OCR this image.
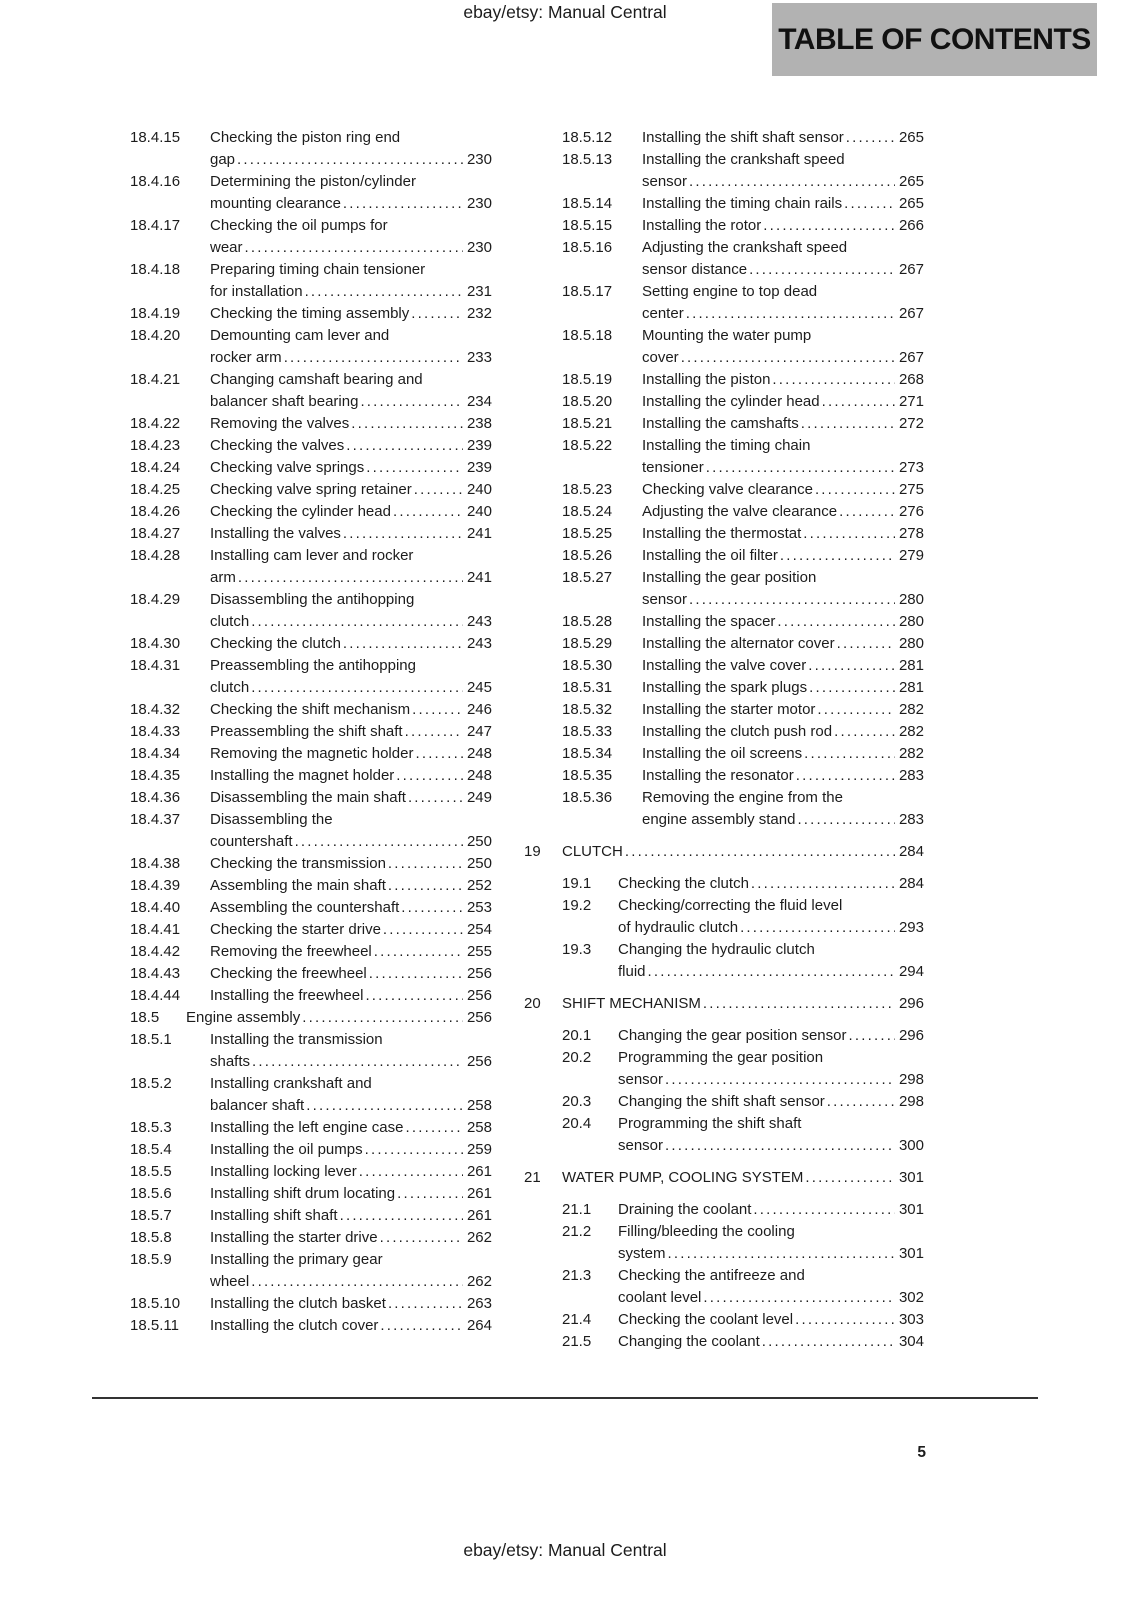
ebay/etsy: Manual Central
TABLE OF CONTENTS
18.4.15	Checking the piston ring end
gap .....	230
18.4.16	Determining the piston/cylinder
mounting clearance .....	230
18.4.17	Checking the oil pumps for
wear .....	230
18.4.18	Preparing timing chain tensioner
for installation .....	231
18.4.19	Checking the timing assembly .....	232
18.4.20	Demounting cam lever and
rocker arm .....	233
18.4.21	Changing camshaft bearing and
balancer shaft bearing .....	234
18.4.22	Removing the valves .....	238
18.4.23	Checking the valves .....	239
18.4.24	Checking valve springs .....	239
18.4.25	Checking valve spring retainer .....	240
18.4.26	Checking the cylinder head .....	240
18.4.27	Installing the valves .....	241
18.4.28	Installing cam lever and rocker
arm .....	241
18.4.29	Disassembling the antihopping
clutch .....	243
18.4.30	Checking the clutch .....	243
18.4.31	Preassembling the antihopping
clutch .....	245
18.4.32	Checking the shift mechanism .....	246
18.4.33	Preassembling the shift shaft .....	247
18.4.34	Removing the magnetic holder .....	248
18.4.35	Installing the magnet holder .....	248
18.4.36	Disassembling the main shaft .....	249
18.4.37	Disassembling the
countershaft .....	250
18.4.38	Checking the transmission .....	250
18.4.39	Assembling the main shaft .....	252
18.4.40	Assembling the countershaft .....	253
18.4.41	Checking the starter drive .....	254
18.4.42	Removing the freewheel .....	255
18.4.43	Checking the freewheel .....	256
18.4.44	Installing the freewheel .....	256
18.5	Engine assembly .....	256
18.5.1	Installing the transmission
shafts .....	256
18.5.2	Installing crankshaft and
balancer shaft .....	258
18.5.3	Installing the left engine case .....	258
18.5.4	Installing the oil pumps .....	259
18.5.5	Installing locking lever .....	261
18.5.6	Installing shift drum locating .....	261
18.5.7	Installing shift shaft .....	261
18.5.8	Installing the starter drive .....	262
18.5.9	Installing the primary gear
wheel .....	262
18.5.10	Installing the clutch basket .....	263
18.5.11	Installing the clutch cover .....	264
18.5.12	Installing the shift shaft sensor .....	265
18.5.13	Installing the crankshaft speed
sensor .....	265
18.5.14	Installing the timing chain rails .....	265
18.5.15	Installing the rotor .....	266
18.5.16	Adjusting the crankshaft speed
sensor distance .....	267
18.5.17	Setting engine to top dead
center .....	267
18.5.18	Mounting the water pump
cover .....	267
18.5.19	Installing the piston .....	268
18.5.20	Installing the cylinder head .....	271
18.5.21	Installing the camshafts .....	272
18.5.22	Installing the timing chain
tensioner .....	273
18.5.23	Checking valve clearance .....	275
18.5.24	Adjusting the valve clearance .....	276
18.5.25	Installing the thermostat .....	278
18.5.26	Installing the oil filter .....	279
18.5.27	Installing the gear position
sensor .....	280
18.5.28	Installing the spacer .....	280
18.5.29	Installing the alternator cover .....	280
18.5.30	Installing the valve cover .....	281
18.5.31	Installing the spark plugs .....	281
18.5.32	Installing the starter motor .....	282
18.5.33	Installing the clutch push rod .....	282
18.5.34	Installing the oil screens .....	282
18.5.35	Installing the resonator .....	283
18.5.36	Removing the engine from the
engine assembly stand .....	283
19	CLUTCH .....	284
19.1	Checking the clutch .....	284
19.2	Checking/correcting the fluid level
of hydraulic clutch .....	293
19.3	Changing the hydraulic clutch
fluid .....	294
20	SHIFT MECHANISM .....	296
20.1	Changing the gear position sensor .....	296
20.2	Programming the gear position
sensor .....	298
20.3	Changing the shift shaft sensor .....	298
20.4	Programming the shift shaft
sensor .....	300
21	WATER PUMP, COOLING SYSTEM .....	301
21.1	Draining the coolant .....	301
21.2	Filling/bleeding the cooling
system .....	301
21.3	Checking the antifreeze and
coolant level .....	302
21.4	Checking the coolant level .....	303
21.5	Changing the coolant .....	304
5
ebay/etsy: Manual Central
